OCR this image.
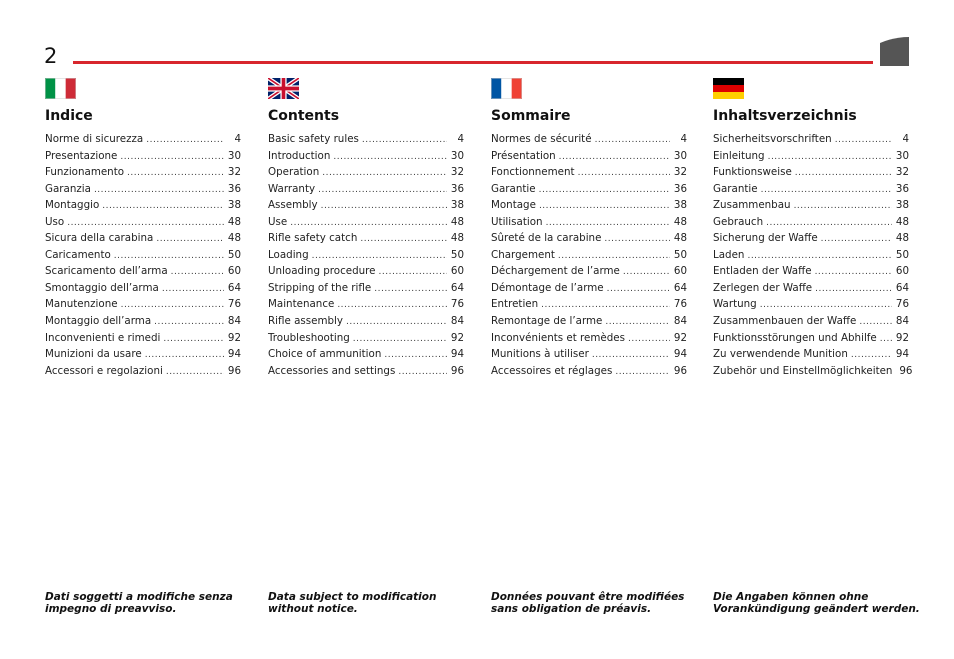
2
Indice
Norme di sicurezza .....	4
Presentazione .....	30
Funzionamento .....	32
Garanzia .....	36
Montaggio .....	38
Uso .....	48
Sicura della carabina .....	48
Caricamento .....	50
Scaricamento dell’arma .....	60
Smontaggio dell’arma .....	64
Manutenzione .....	76
Montaggio dell’arma .....	84
Inconvenienti e rimedi .....	92
Munizioni da usare .....	94
Accessori e regolazioni .....	96
Contents
Basic safety rules .....	4
Introduction .....	30
Operation .....	32
Warranty .....	36
Assembly .....	38
Use .....	48
Rifle safety catch .....	48
Loading .....	50
Unloading procedure .....	60
Stripping of the rifle .....	64
Maintenance .....	76
Rifle assembly .....	84
Troubleshooting .....	92
Choice of ammunition .....	94
Accessories and settings .....	96
Sommaire
Normes de sécurité .....	4
Présentation .....	30
Fonctionnement .....	32
Garantie .....	36
Montage .....	38
Utilisation .....	48
Sûreté de la carabine .....	48
Chargement .....	50
Déchargement de l’arme .....	60
Démontage de l’arme .....	64
Entretien .....	76
Remontage de l’arme .....	84
Inconvénients et remèdes .....	92
Munitions à utiliser .....	94
Accessoires et réglages .....	96
Inhaltsverzeichnis
Sicherheitsvorschriften .....	4
Einleitung .....	30
Funktionsweise .....	32
Garantie .....	36
Zusammenbau .....	38
Gebrauch .....	48
Sicherung der Waffe .....	48
Laden .....	50
Entladen der Waffe .....	60
Zerlegen der Waffe .....	64
Wartung .....	76
Zusammenbauen der Waffe .....	84
Funktionsstörungen und Abhilfe ..... 92
Zu verwendende Munition .....	94
Zubehör und Einstellmöglichkeiten 96
Dati soggetti a modifiche senza impegno di preavviso.
Data subject to modification without notice.
Données pouvant être modifiées sans obligation de préavis.
Die Angaben können ohne Vorankündigung geändert werden.
